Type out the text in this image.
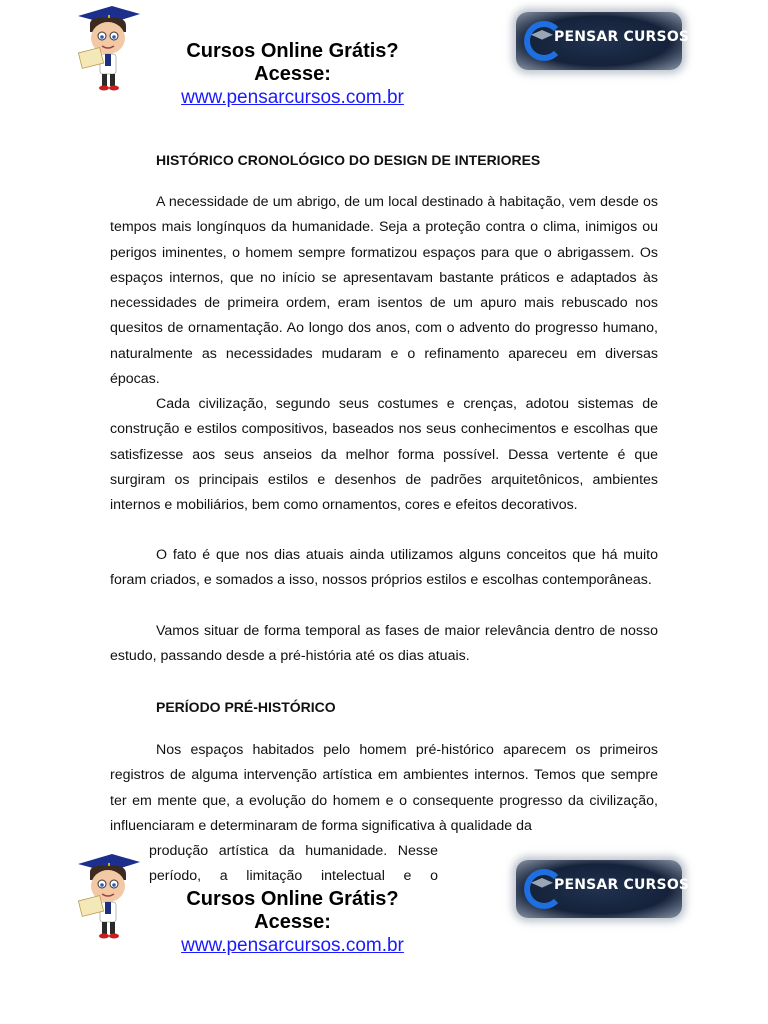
Cursos Online Grátis?
Acesse:
www.pensarcursos.com.br
PENSAR CURSOS
HISTÓRICO CRONOLÓGICO DO DESIGN DE INTERIORES

A necessidade de um abrigo, de um local destinado à habitação, vem desde os tempos mais longínquos da humanidade. Seja a proteção contra o clima, inimigos ou perigos iminentes, o homem sempre formatizou espaços para que o abrigassem. Os espaços internos, que no início se apresentavam bastante práticos e adaptados às necessidades de primeira ordem, eram isentos de um apuro mais rebuscado nos quesitos de ornamentação. Ao longo dos anos, com o advento do progresso humano, naturalmente as necessidades mudaram e o refinamento apareceu em diversas épocas.

Cada civilização, segundo seus costumes e crenças, adotou sistemas de construção e estilos compositivos, baseados nos seus conhecimentos e escolhas que satisfizesse aos seus anseios da melhor forma possível. Dessa vertente é que surgiram os principais estilos e desenhos de padrões arquitetônicos, ambientes internos e mobiliários, bem como ornamentos, cores e efeitos decorativos.

O fato é que nos dias atuais ainda utilizamos alguns conceitos que há muito foram criados, e somados a isso, nossos próprios estilos e escolhas contemporâneas.

Vamos situar de forma temporal as fases de maior relevância dentro de nosso estudo, passando desde a pré-história até os dias atuais.

PERÍODO PRÉ-HISTÓRICO

Nos espaços habitados pelo homem pré-histórico aparecem os primeiros registros de alguma intervenção artística em ambientes internos. Temos que sempre ter em mente que, a evolução do homem e o consequente progresso da civilização, influenciaram e determinaram de forma significativa à qualidade da

produção artística da humanidade. Nesse
período, a limitação intelectual e o
Cursos Online Grátis?
Acesse:
www.pensarcursos.com.br
PENSAR CURSOS
